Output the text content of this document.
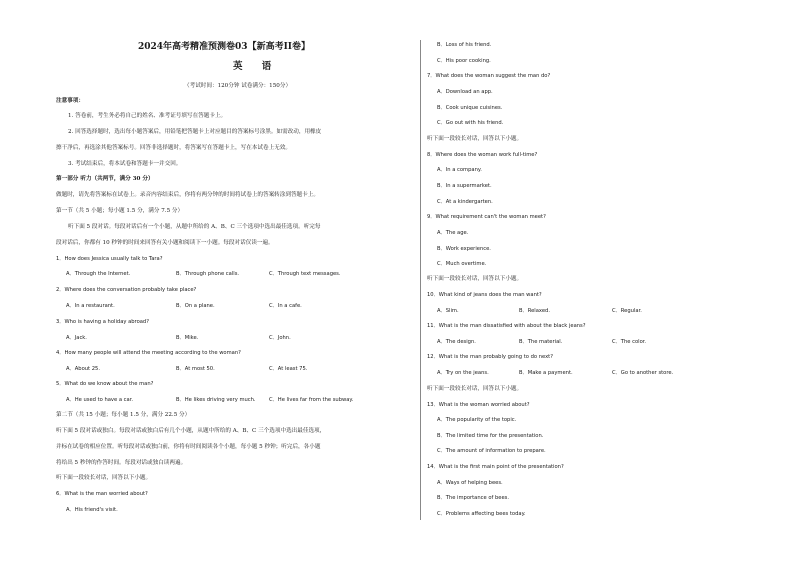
2024年高考精准预测卷03【新高考II卷】
英 语
（考试时间：120分钟 试卷满分：150分）
注意事项：
1. 答卷前，考生务必将自己的姓名、准考证号填写在答题卡上。
2. 回答选择题时，选出每小题答案后，用铅笔把答题卡上对应题目的答案标号涂黑。如需改动，用橡皮
擦干净后，再选涂其他答案标号。回答非选择题时，将答案写在答题卡上，写在本试卷上无效。
3. 考试结束后，将本试卷和答题卡一并交回。
第一部分 听力（共两节，满分 30 分）
做题时，请先将答案标在试卷上。录音内容结束后，你将有两分钟的时间将试卷上的答案转涂到答题卡上。
第一节（共 5 小题；每小题 1.5 分，满分 7.5 分）
听下面 5 段对话。每段对话后有一个小题，从题中所给的 A、B、C 三个选项中选出最佳选项。听完每
段对话后，你都有 10 秒钟的时间来回答有关小题和阅读下一小题。每段对话仅读一遍。
1．How does Jessica usually talk to Tara?
A．Through the Internet.	B．Through phone calls.	C．Through text messages.
2．Where does the conversation probably take place?
A．In a restaurant.	B．On a plane.	C．In a cafe.
3．Who is having a holiday abroad?
A．Jack.	B．Mike.	C．John.
4．How many people will attend the meeting according to the woman?
A．About 25.	B．At most 50.	C．At least 75.
5．What do we know about the man?
A．He used to have a car.	B．He likes driving very much.	C．He lives far from the subway.
第二节（共 15 小题；每小题 1.5 分，满分 22.5 分）
听下面 5 段对话或独白。每段对话或独白后有几个小题，从题中所给的 A、B、C 三个选项中选出最佳选项，
并标在试卷的相应位置。听每段对话或独白前，你将有时间阅读各个小题，每小题 5 秒钟；听完后，各小题
将给出 5 秒钟的作答时间。每段对话或独白读两遍。
听下面一段较长对话，回答以下小题。
6．What is the man worried about?
A．His friend's visit.
B．Loss of his friend.
C．His poor cooking.
7．What does the woman suggest the man do?
A．Download an app.
B．Cook unique cuisines.
C．Go out with his friend.
听下面一段较长对话，回答以下小题。
8．Where does the woman work full-time?
A．In a company.
B．In a supermarket.
C．At a kindergarten.
9．What requirement can't the woman meet?
A．The age.
B．Work experience.
C．Much overtime.
听下面一段较长对话，回答以下小题。
10．What kind of jeans does the man want?
A．Slim.	B．Relaxed.	C．Regular.
11．What is the man dissatisfied with about the black jeans?
A．The design.	B．The material.	C．The color.
12．What is the man probably going to do next?
A．Try on the jeans.	B．Make a payment.	C．Go to another store.
听下面一段较长对话，回答以下小题。
13．What is the woman worried about?
A．The popularity of the topic.
B．The limited time for the presentation.
C．The amount of information to prepare.
14．What is the first main point of the presentation?
A．Ways of helping bees.
B．The importance of bees.
C．Problems affecting bees today.
